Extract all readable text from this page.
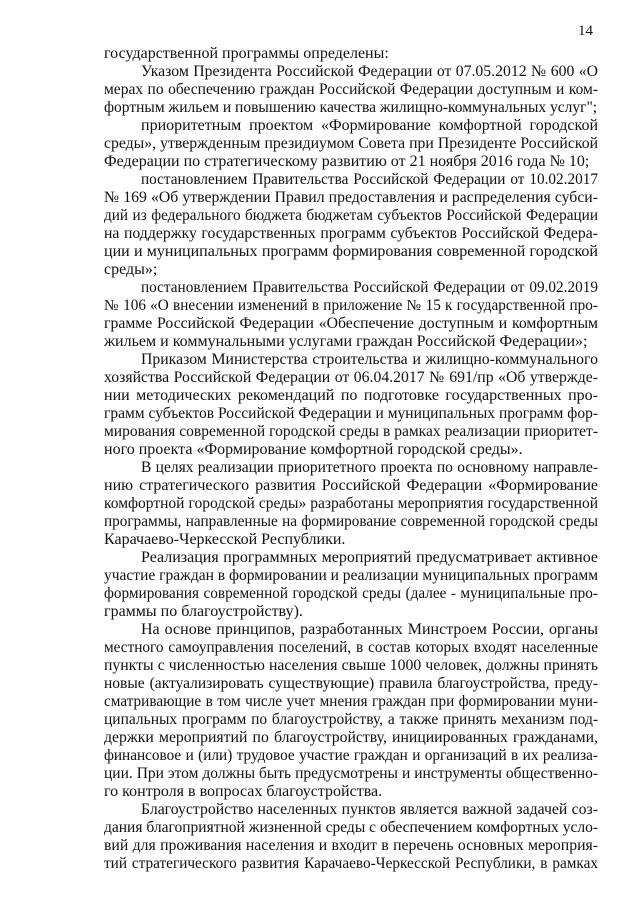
14
государственной программы определены:
Указом Президента Российской Федерации от 07.05.2012 № 600 «О
мерах по обеспечению граждан Российской Федерации доступным и ком-
фортным жильем и повышению качества жилищно-коммунальных услуг";
приоритетным проектом «Формирование комфортной городской
среды», утвержденным президиумом Совета при Президенте Российской
Федерации по стратегическому развитию от 21 ноября 2016 года № 10;
постановлением Правительства Российской Федерации от 10.02.2017
№ 169 «Об утверждении Правил предоставления и распределения субси-
дий из федерального бюджета бюджетам субъектов Российской Федерации
на поддержку государственных программ субъектов Российской Федера-
ции и муниципальных программ формирования современной городской
среды»;
постановлением Правительства Российской Федерации от 09.02.2019
№ 106 «О внесении изменений в приложение № 15 к государственной про-
грамме Российской Федерации «Обеспечение доступным и комфортным
жильем и коммунальными услугами граждан Российской Федерации»;
Приказом Министерства строительства и жилищно-коммунального
хозяйства Российской Федерации от 06.04.2017 № 691/пр «Об утвержде-
нии методических рекомендаций по подготовке государственных про-
грамм субъектов Российской Федерации и муниципальных программ фор-
мирования современной городской среды в рамках реализации приоритет-
ного проекта «Формирование комфортной городской среды».
В целях реализации приоритетного проекта по основному направле-
нию стратегического развития Российской Федерации «Формирование
комфортной городской среды» разработаны мероприятия государственной
программы, направленные на формирование современной городской среды
Карачаево-Черкесской Республики.
Реализация программных мероприятий предусматривает активное
участие граждан в формировании и реализации муниципальных программ
формирования современной городской среды (далее - муниципальные про-
граммы по благоустройству).
На основе принципов, разработанных Минстроем России, органы
местного самоуправления поселений, в состав которых входят населенные
пункты с численностью населения свыше 1000 человек, должны принять
новые (актуализировать существующие) правила благоустройства, преду-
сматривающие в том числе учет мнения граждан при формировании муни-
ципальных программ по благоустройству, а также принять механизм под-
держки мероприятий по благоустройству, инициированных гражданами,
финансовое и (или) трудовое участие граждан и организаций в их реализа-
ции. При этом должны быть предусмотрены и инструменты общественно-
го контроля в вопросах благоустройства.
Благоустройство населенных пунктов является важной задачей соз-
дания благоприятной жизненной среды с обеспечением комфортных усло-
вий для проживания населения и входит в перечень основных мероприя-
тий стратегического развития Карачаево-Черкесской Республики, в рамках
